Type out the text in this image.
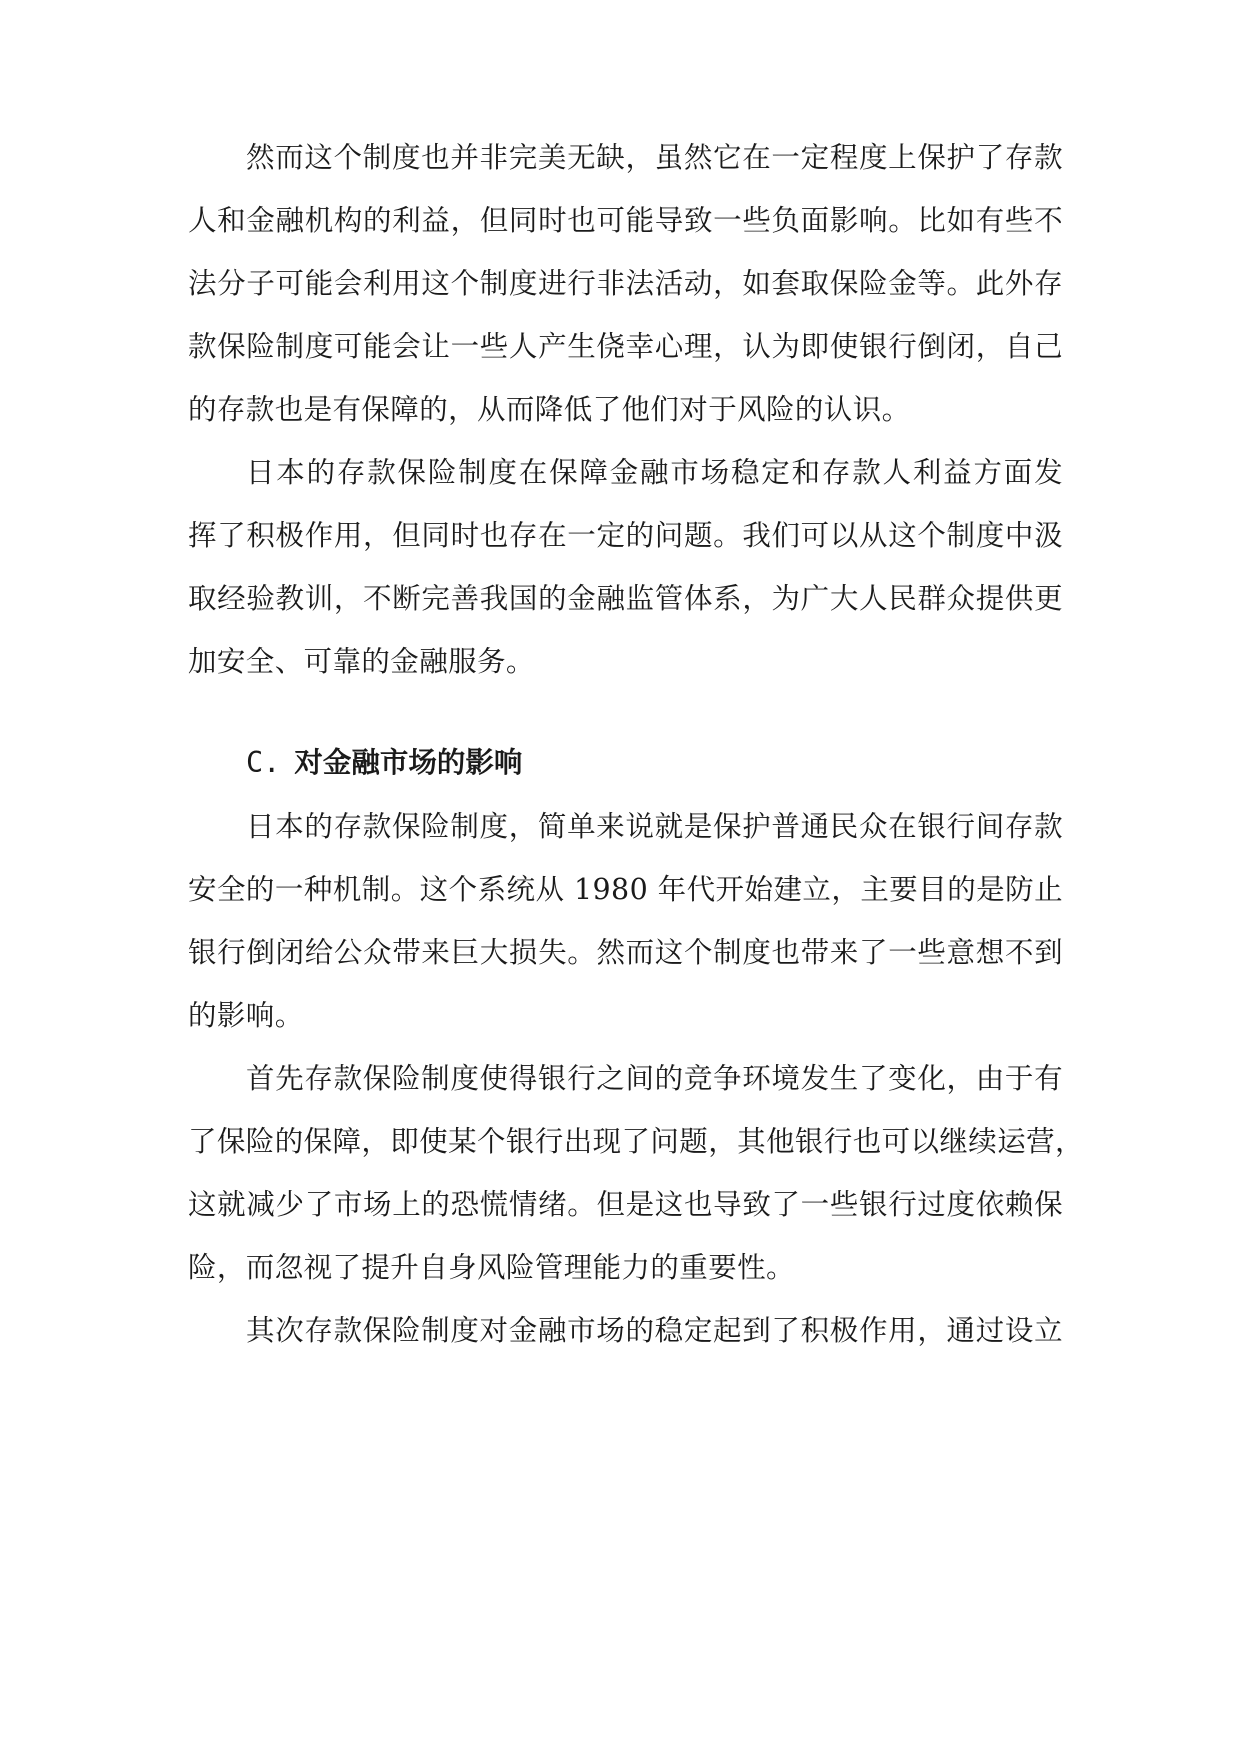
然而这个制度也并非完美无缺，虽然它在一定程度上保护了存款
人和金融机构的利益，但同时也可能导致一些负面影响。比如有些不
法分子可能会利用这个制度进行非法活动，如套取保险金等。此外存
款保险制度可能会让一些人产生侥幸心理，认为即使银行倒闭，自己
的存款也是有保障的，从而降低了他们对于风险的认识。
日本的存款保险制度在保障金融市场稳定和存款人利益方面发
挥了积极作用，但同时也存在一定的问题。我们可以从这个制度中汲
取经验教训，不断完善我国的金融监管体系，为广大人民群众提供更
加安全、可靠的金融服务。
C. 对金融市场的影响
日本的存款保险制度，简单来说就是保护普通民众在银行间存款
安全的一种机制。这个系统从 1980 年代开始建立，主要目的是防止
银行倒闭给公众带来巨大损失。然而这个制度也带来了一些意想不到
的影响。
首先存款保险制度使得银行之间的竞争环境发生了变化，由于有
了保险的保障，即使某个银行出现了问题，其他银行也可以继续运营，
这就减少了市场上的恐慌情绪。但是这也导致了一些银行过度依赖保
险，而忽视了提升自身风险管理能力的重要性。
其次存款保险制度对金融市场的稳定起到了积极作用，通过设立
